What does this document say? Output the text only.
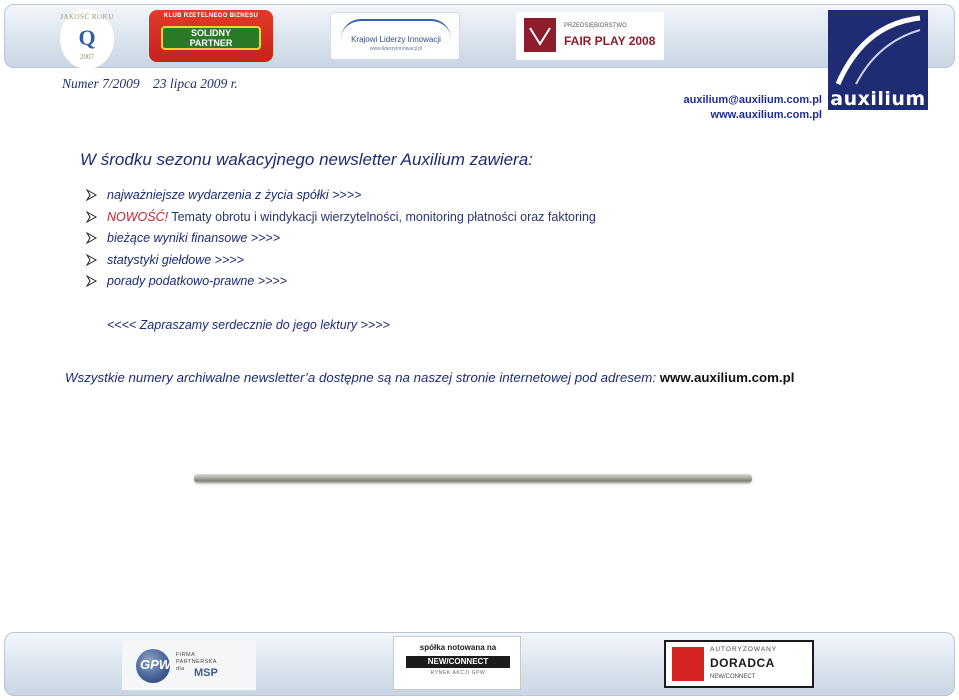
JAKOŚĆ ROKU
Q
2007
KLUB RZETELNEGO BIZNESU
SOLIDNY
PARTNER	Krajowi Liderzy Innowacji
www.liderzyinnowacji.pl
PRZEDSIĘBIORSTWO
FAIR PLAY 2008
auxilium
Numer 7/2009 23 lipca 2009 r.
auxilium@auxilium.com.pl
www.auxilium.com.pl
W środku sezonu wakacyjnego newsletter Auxilium zawiera:
najważniejsze wydarzenia z życia spółki >>>>
NOWOŚĆ! Tematy obrotu i windykacji wierzytelności, monitoring płatności oraz faktoring
bieżące wyniki finansowe >>>>
statystyki giełdowe >>>>
porady podatkowo-prawne >>>>
<<<< Zapraszamy serdecznie do jego lektury >>>>
Wszystkie numery archiwalne newsletter’a dostępne są na naszej stronie internetowej pod adresem: www.auxilium.com.pl
GPW
FIRMA
PARTNERSKA
dla MSP
spółka notowana na
NEW/CONNECT
RYNEK AKCJI GPW
AUTORYZOWANY
DORADCA
NEW/CONNECT
